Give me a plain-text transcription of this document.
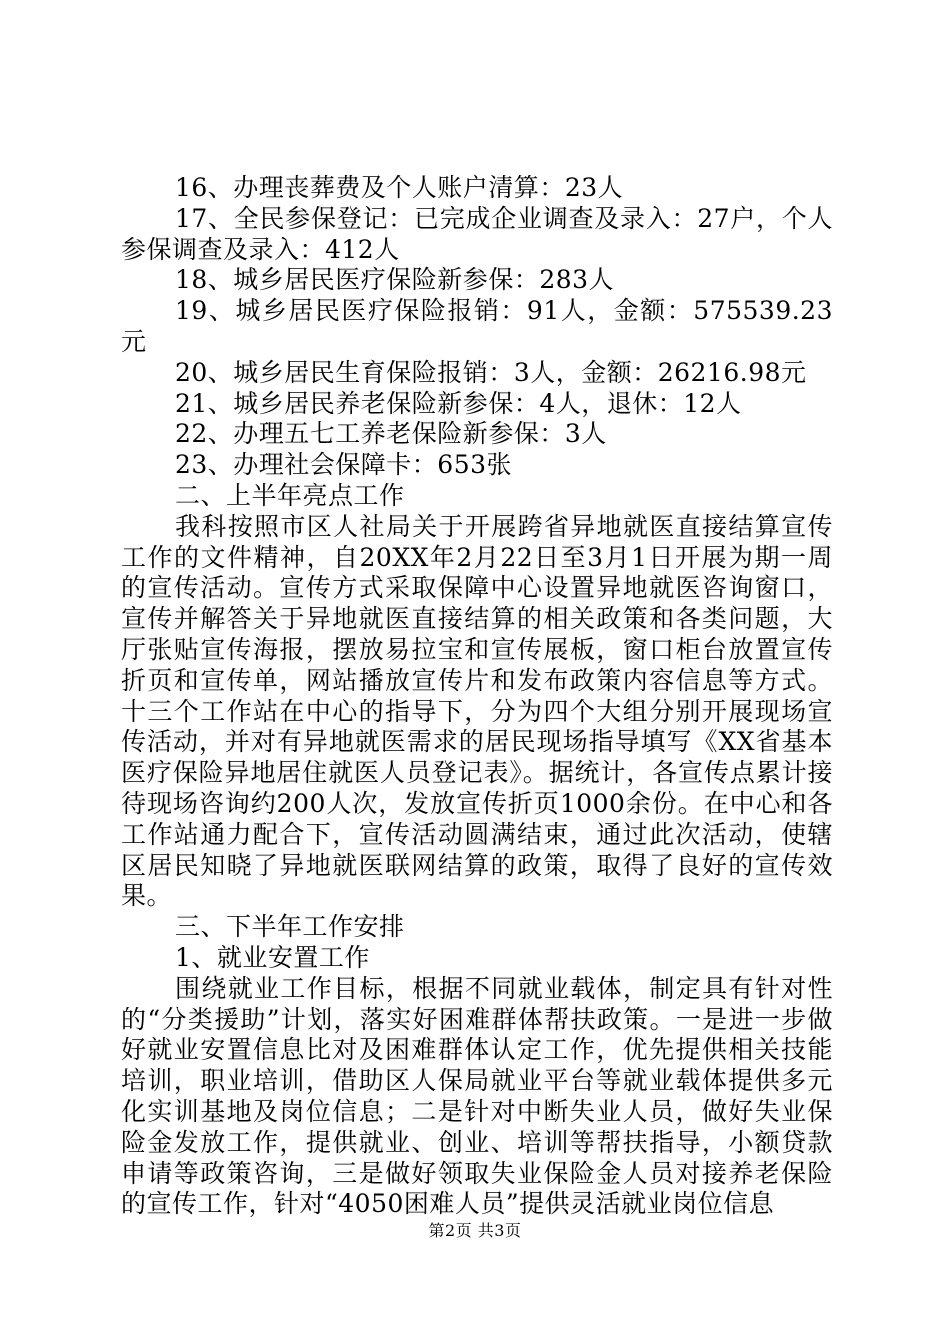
16、办理丧葬费及个人账户清算：23人

17、全民参保登记：已完成企业调查及录入：27户，个人参保调查及录入：412人

18、城乡居民医疗保险新参保：283人

19、城乡居民医疗保险报销：91人，金额：575539.23元

20、城乡居民生育保险报销：3人，金额：26216.98元

21、城乡居民养老保险新参保：4人，退休：12人

22、办理五七工养老保险新参保：3人

23、办理社会保障卡：653张

二、上半年亮点工作

我科按照市区人社局关于开展跨省异地就医直接结算宣传工作的文件精神，自20XX年2月22日至3月1日开展为期一周的宣传活动。宣传方式采取保障中心设置异地就医咨询窗口，宣传并解答关于异地就医直接结算的相关政策和各类问题，大厅张贴宣传海报，摆放易拉宝和宣传展板，窗口柜台放置宣传折页和宣传单，网站播放宣传片和发布政策内容信息等方式。十三个工作站在中心的指导下，分为四个大组分别开展现场宣传活动，并对有异地就医需求的居民现场指导填写《XX省基本医疗保险异地居住就医人员登记表》。据统计，各宣传点累计接待现场咨询约200人次，发放宣传折页1000余份。在中心和各工作站通力配合下，宣传活动圆满结束，通过此次活动，使辖区居民知晓了异地就医联网结算的政策，取得了良好的宣传效果。

三、下半年工作安排

1、就业安置工作

围绕就业工作目标，根据不同就业载体，制定具有针对性的“分类援助”计划，落实好困难群体帮扶政策。一是进一步做好就业安置信息比对及困难群体认定工作，优先提供相关技能培训，职业培训，借助区人保局就业平台等就业载体提供多元化实训基地及岗位信息；二是针对中断失业人员，做好失业保险金发放工作，提供就业、创业、培训等帮扶指导，小额贷款申请等政策咨询，三是做好领取失业保险金人员对接养老保险的宣传工作，针对“4050困难人员”提供灵活就业岗位信息

第2页 共3页
